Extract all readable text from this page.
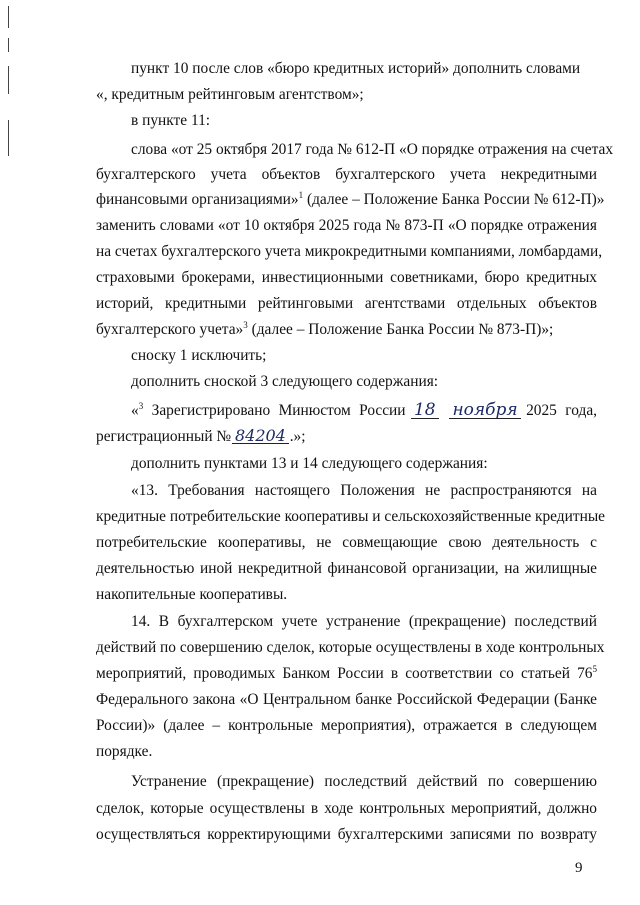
пункт 10 после слов «бюро кредитных историй» дополнить словами
«, кредитным рейтинговым агентством»;
в пункте 11:
слова «от 25 октября 2017 года № 612-П «О порядке отражения на счетах
бухгалтерского учета объектов бухгалтерского учета некредитными
финансовыми организациями»$^1$ (далее – Положение Банка России № 612-П)»
заменить словами «от 10 октября 2025 года № 873-П «О порядке отражения
на счетах бухгалтерского учета микрокредитными компаниями, ломбардами,
страховыми брокерами, инвестиционными советниками, бюро кредитных
историй, кредитными рейтинговыми агентствами отдельных объектов
бухгалтерского учета»$^3$ (далее – Положение Банка России № 873-П)»;
сноску 1 исключить;
дополнить сноской 3 следующего содержания:
«$^3$ Зарегистрировано Минюстом России 18 ноября 2025 года,
регистрационный № 84204 .»;
дополнить пунктами 13 и 14 следующего содержания:
«13. Требования настоящего Положения не распространяются на
кредитные потребительские кооперативы и сельскохозяйственные кредитные
потребительские кооперативы, не совмещающие свою деятельность с
деятельностью иной некредитной финансовой организации, на жилищные
накопительные кооперативы.
14. В бухгалтерском учете устранение (прекращение) последствий
действий по совершению сделок, которые осуществлены в ходе контрольных
мероприятий, проводимых Банком России в соответствии со статьей $76^5$
Федерального закона «О Центральном банке Российской Федерации (Банке
России)» (далее – контрольные мероприятия), отражается в следующем
порядке.
Устранение (прекращение) последствий действий по совершению
сделок, которые осуществлены в ходе контрольных мероприятий, должно
осуществляться корректирующими бухгалтерскими записями по возврату
9
